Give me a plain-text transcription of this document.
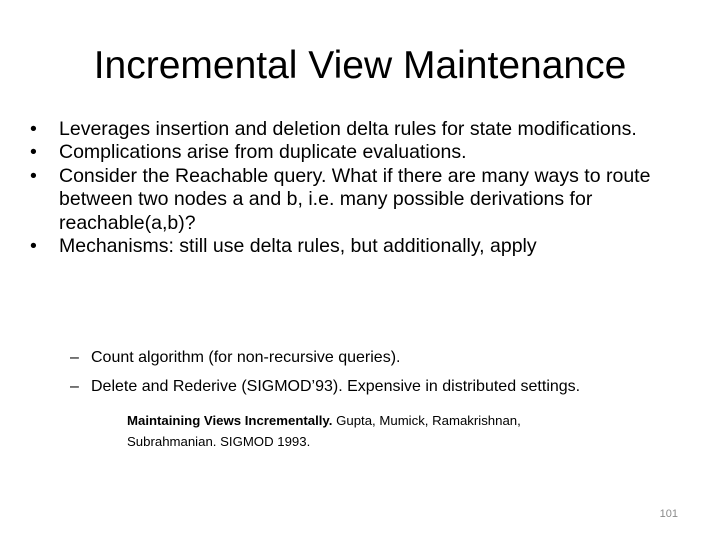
Incremental View Maintenance
• Leverages insertion and deletion delta rules for state modifications.
• Complications arise from duplicate evaluations.
• Consider the Reachable query. What if there are many ways to route between two nodes a and b, i.e. many possible derivations for reachable(a,b)?
• Mechanisms: still use delta rules, but additionally, apply
– Count algorithm (for non-recursive queries).
– Delete and Rederive (SIGMOD’93). Expensive in distributed settings.
Maintaining Views Incrementally. Gupta, Mumick, Ramakrishnan, Subrahmanian. SIGMOD 1993.
101
